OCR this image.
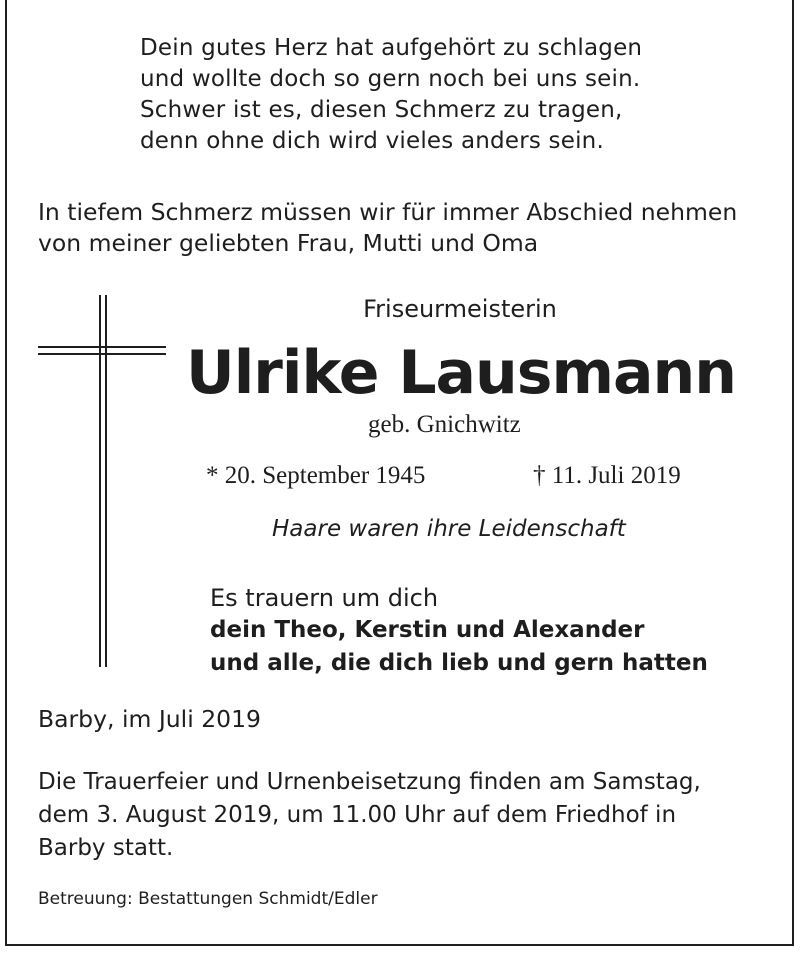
Dein gutes Herz hat aufgehört zu schlagen
und wollte doch so gern noch bei uns sein.
Schwer ist es, diesen Schmerz zu tragen,
denn ohne dich wird vieles anders sein.
In tiefem Schmerz müssen wir für immer Abschied nehmen
von meiner geliebten Frau, Mutti und Oma
Friseurmeisterin
Ulrike Lausmann
geb. Gnichwitz
* 20. September 1945	† 11. Juli 2019
Haare waren ihre Leidenschaft
Es trauern um dich
dein Theo, Kerstin und Alexander
und alle, die dich lieb und gern hatten
Barby, im Juli 2019
Die Trauerfeier und Urnenbeisetzung finden am Samstag,
dem 3. August 2019, um 11.00 Uhr auf dem Friedhof in
Barby statt.
Betreuung: Bestattungen Schmidt/Edler
